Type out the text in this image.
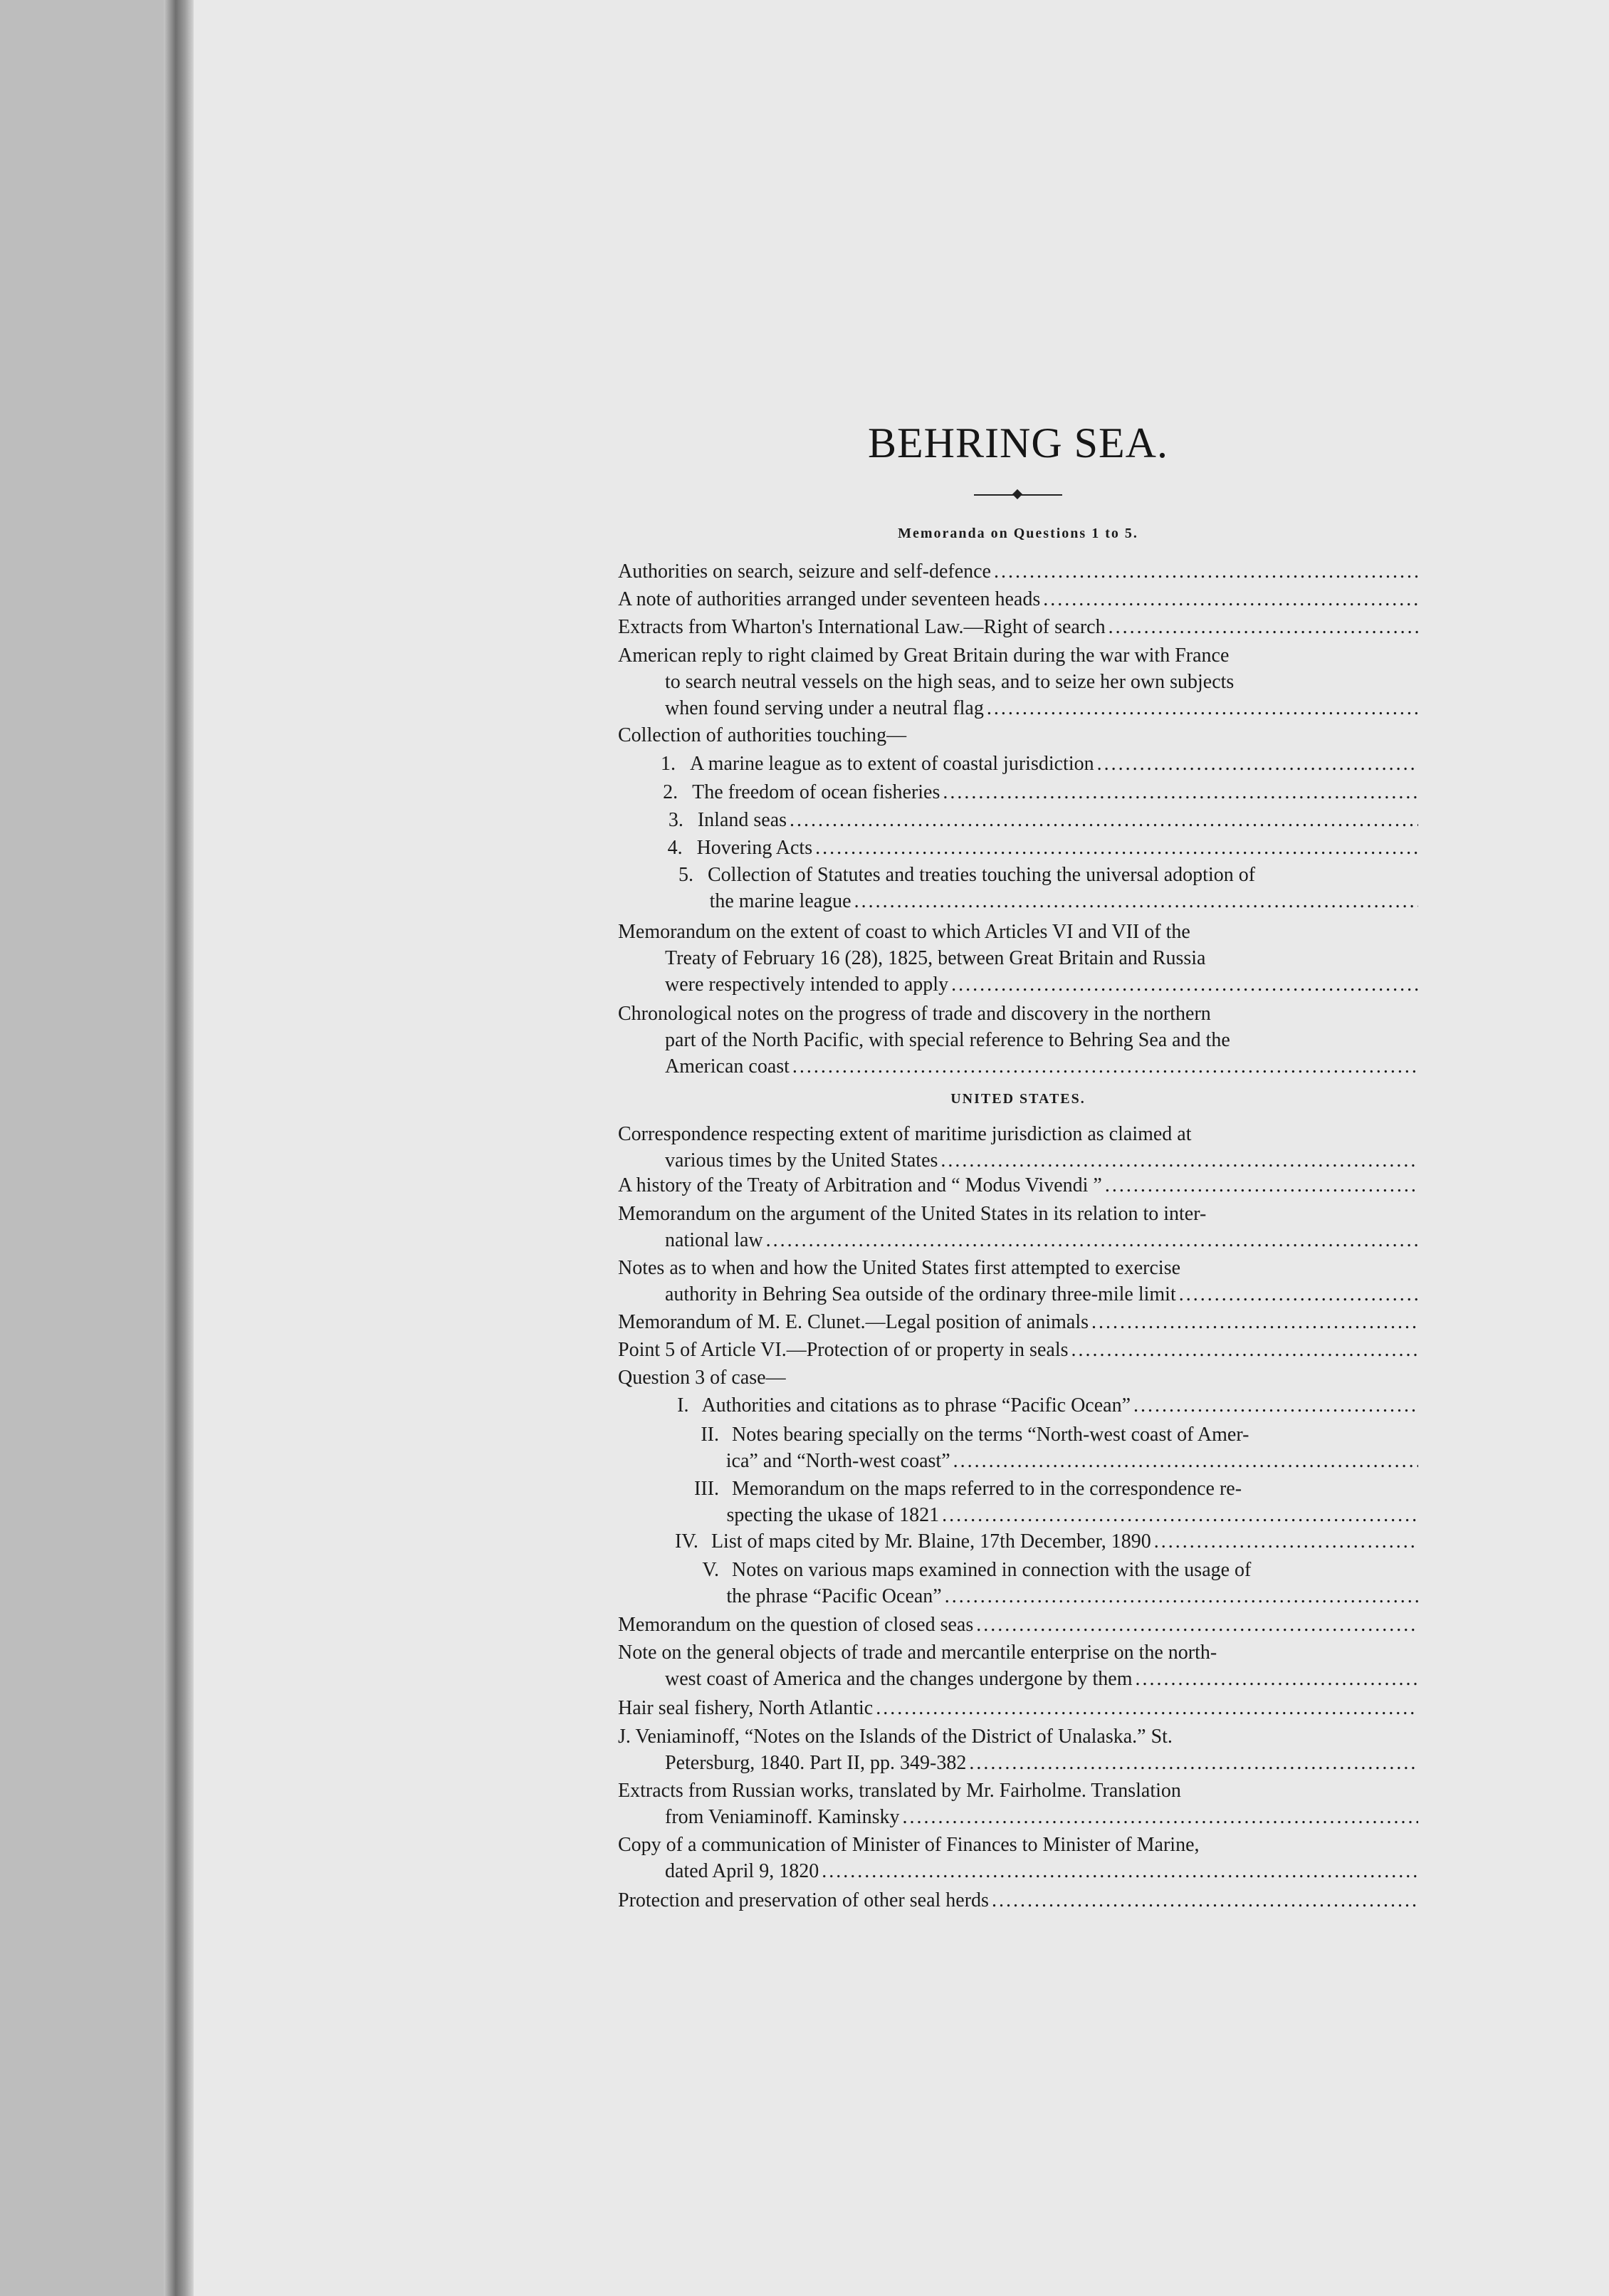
BEHRING SEA.
Memoranda on Questions 1 to 5.
UNITED STATES.
Authorities on search, seizure and self-defence
. . .
A note of authorities arranged under seventeen heads
. . .
Extracts from Wharton's International Law.—Right of search
. . .
American reply to right claimed by Great Britain during the war with France
to search neutral vessels on the high seas, and to seize her own subjects
when found serving under a neutral flag
. . .
Collection of authorities touching—
1. A marine league as to extent of coastal jurisdiction
. . .
2. The freedom of ocean fisheries
. . .
3. Inland seas
. . .
4. Hovering Acts
. . .
5. Collection of Statutes and treaties touching the universal adoption of
the marine league
. . .
Memorandum on the extent of coast to which Articles VI and VII of the
Treaty of February 16 (28), 1825, between Great Britain and Russia
were respectively intended to apply
. . .
Chronological notes on the progress of trade and discovery in the northern
part of the North Pacific, with special reference to Behring Sea and the
American coast
. . .
Correspondence respecting extent of maritime jurisdiction as claimed at
various times by the United States
. . .
A history of the Treaty of Arbitration and “ Modus Vivendi ”
. . .
Memorandum on the argument of the United States in its relation to inter-
national law
. . .
Notes as to when and how the United States first attempted to exercise
authority in Behring Sea outside of the ordinary three-mile limit
. . .
Memorandum of M. E. Clunet.—Legal position of animals
. . .
Point 5 of Article VI.—Protection of or property in seals
. . .
Question 3 of case—
I. Authorities and citations as to phrase “Pacific Ocean”
. . .
II. Notes bearing specially on the terms “North-west coast of Amer-
ica” and “North-west coast”
. . .
III. Memorandum on the maps referred to in the correspondence re-
specting the ukase of 1821
. . .
IV. List of maps cited by Mr. Blaine, 17th December, 1890
. . .
V. Notes on various maps examined in connection with the usage of
the phrase “Pacific Ocean”
. . .
Memorandum on the question of closed seas
. . .
Note on the general objects of trade and mercantile enterprise on the north-
west coast of America and the changes undergone by them
. . .
Hair seal fishery, North Atlantic
. . .
J. Veniaminoff, “Notes on the Islands of the District of Unalaska.” St.
Petersburg, 1840. Part II, pp. 349-382
. . .
Extracts from Russian works, translated by Mr. Fairholme. Translation
from Veniaminoff. Kaminsky
. . .
Copy of a communication of Minister of Finances to Minister of Marine,
dated April 9, 1820
. . .
Protection and preservation of other seal herds
. . .
